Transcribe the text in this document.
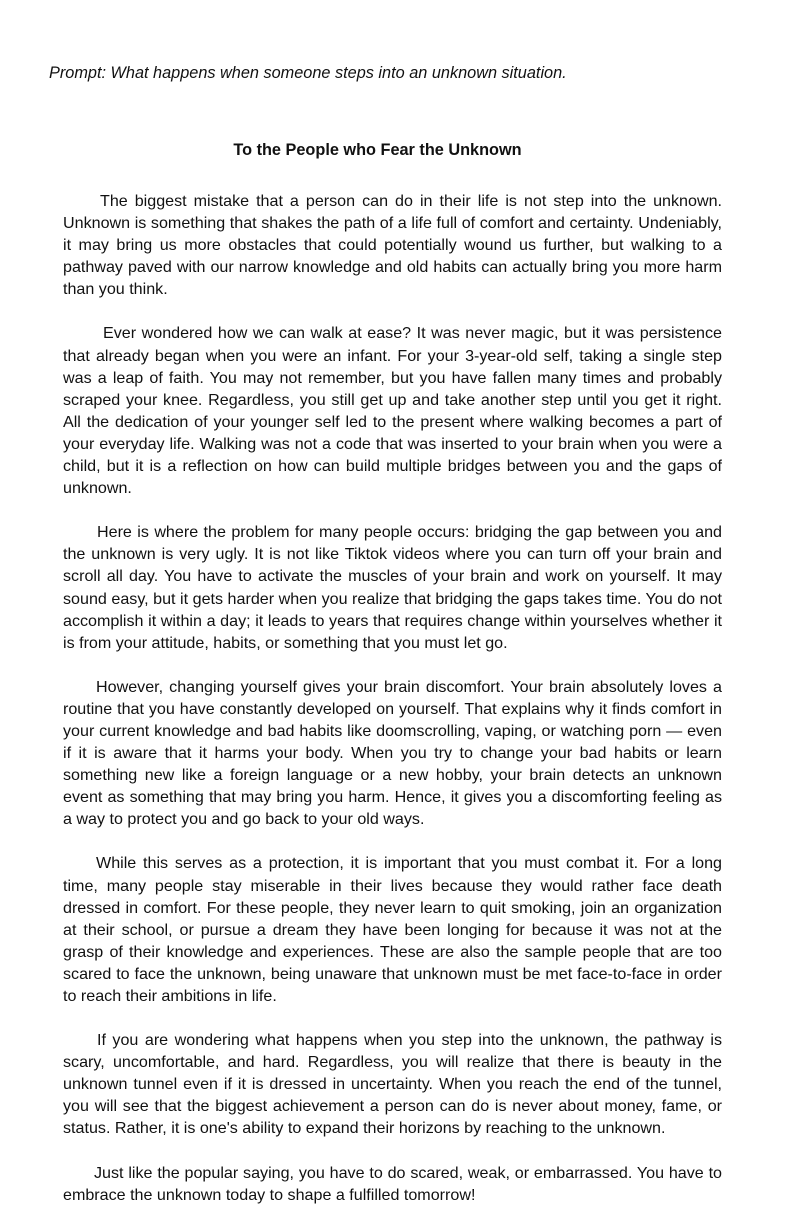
Prompt: What happens when someone steps into an unknown situation.

To the People who Fear the Unknown

The biggest mistake that a person can do in their life is not step into the unknown. Unknown is something that shakes the path of a life full of comfort and certainty. Undeniably, it may bring us more obstacles that could potentially wound us further, but walking to a pathway paved with our narrow knowledge and old habits can actually bring you more harm than you think.

Ever wondered how we can walk at ease? It was never magic, but it was persistence that already began when you were an infant. For your 3-year-old self, taking a single step was a leap of faith. You may not remember, but you have fallen many times and probably scraped your knee. Regardless, you still get up and take another step until you get it right. All the dedication of your younger self led to the present where walking becomes a part of your everyday life. Walking was not a code that was inserted to your brain when you were a child, but it is a reflection on how can build multiple bridges between you and the gaps of unknown.

Here is where the problem for many people occurs: bridging the gap between you and the unknown is very ugly. It is not like Tiktok videos where you can turn off your brain and scroll all day. You have to activate the muscles of your brain and work on yourself. It may sound easy, but it gets harder when you realize that bridging the gaps takes time. You do not accomplish it within a day; it leads to years that requires change within yourselves whether it is from your attitude, habits, or something that you must let go.

However, changing yourself gives your brain discomfort. Your brain absolutely loves a routine that you have constantly developed on yourself. That explains why it finds comfort in your current knowledge and bad habits like doomscrolling, vaping, or watching porn — even if it is aware that it harms your body. When you try to change your bad habits or learn something new like a foreign language or a new hobby, your brain detects an unknown event as something that may bring you harm. Hence, it gives you a discomforting feeling as a way to protect you and go back to your old ways.

While this serves as a protection, it is important that you must combat it. For a long time, many people stay miserable in their lives because they would rather face death dressed in comfort. For these people, they never learn to quit smoking, join an organization at their school, or pursue a dream they have been longing for because it was not at the grasp of their knowledge and experiences. These are also the sample people that are too scared to face the unknown, being unaware that unknown must be met face-to-face in order to reach their ambitions in life.

If you are wondering what happens when you step into the unknown, the pathway is scary, uncomfortable, and hard. Regardless, you will realize that there is beauty in the unknown tunnel even if it is dressed in uncertainty. When you reach the end of the tunnel, you will see that the biggest achievement a person can do is never about money, fame, or status. Rather, it is one's ability to expand their horizons by reaching to the unknown.

Just like the popular saying, you have to do scared, weak, or embarrassed. You have to embrace the unknown today to shape a fulfilled tomorrow!
